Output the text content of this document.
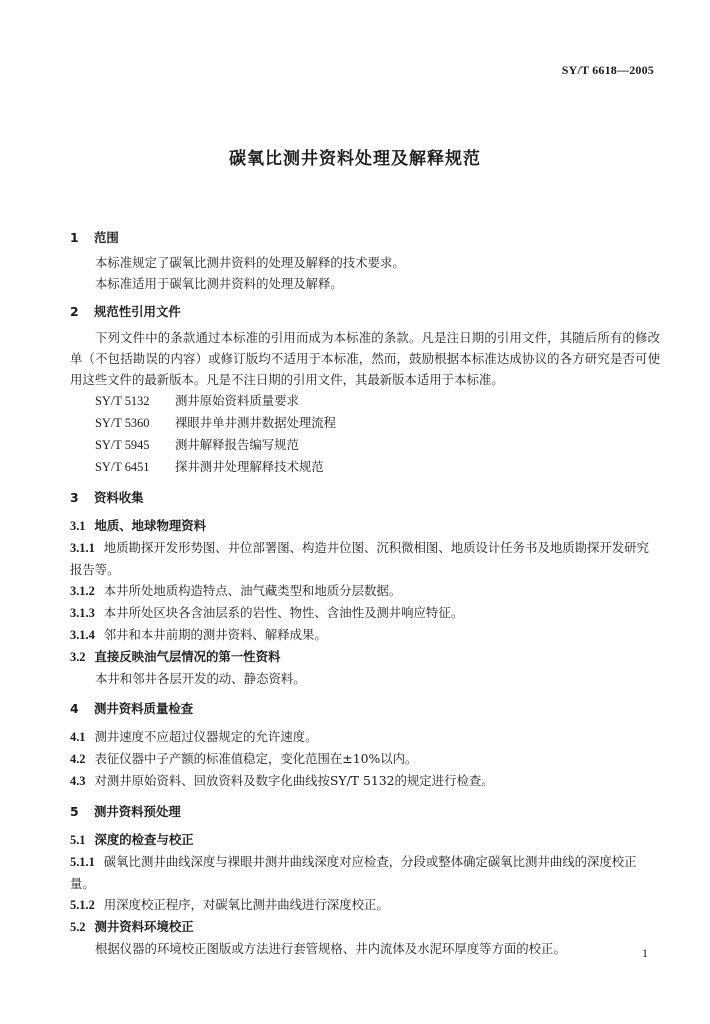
SY/T 6618—2005
碳氧比测井资料处理及解释规范
1 范围
本标准规定了碳氧比测井资料的处理及解释的技术要求。
本标准适用于碳氧比测井资料的处理及解释。
2 规范性引用文件
下列文件中的条款通过本标准的引用而成为本标准的条款。凡是注日期的引用文件，其随后所有的修改单（不包括勘误的内容）或修订版均不适用于本标准，然而，鼓励根据本标准达成协议的各方研究是否可使用这些文件的最新版本。凡是不注日期的引用文件，其最新版本适用于本标准。
SY/T 5132 测井原始资料质量要求
SY/T 5360 裸眼井单井测井数据处理流程
SY/T 5945 测井解释报告编写规范
SY/T 6451 探井测井处理解释技术规范
3 资料收集
3.1 地质、地球物理资料
3.1.1 地质勘探开发形势图、井位部署图、构造井位图、沉积微相图、地质设计任务书及地质勘探开发研究报告等。
3.1.2 本井所处地质构造特点、油气藏类型和地质分层数据。
3.1.3 本井所处区块各含油层系的岩性、物性、含油性及测井响应特征。
3.1.4 邻井和本井前期的测井资料、解释成果。
3.2 直接反映油气层情况的第一性资料
本井和邻井各层开发的动、静态资料。
4 测井资料质量检查
4.1 测井速度不应超过仪器规定的允许速度。
4.2 表征仪器中子产额的标准值稳定，变化范围在±10%以内。
4.3 对测井原始资料、回放资料及数字化曲线按SY/T 5132的规定进行检查。
5 测井资料预处理
5.1 深度的检查与校正
5.1.1 碳氧比测井曲线深度与裸眼井测井曲线深度对应检查，分段或整体确定碳氧比测井曲线的深度校正量。
5.1.2 用深度校正程序，对碳氧比测井曲线进行深度校正。
5.2 测井资料环境校正
根据仪器的环境校正图版或方法进行套管规格、井内流体及水泥环厚度等方面的校正。	1
